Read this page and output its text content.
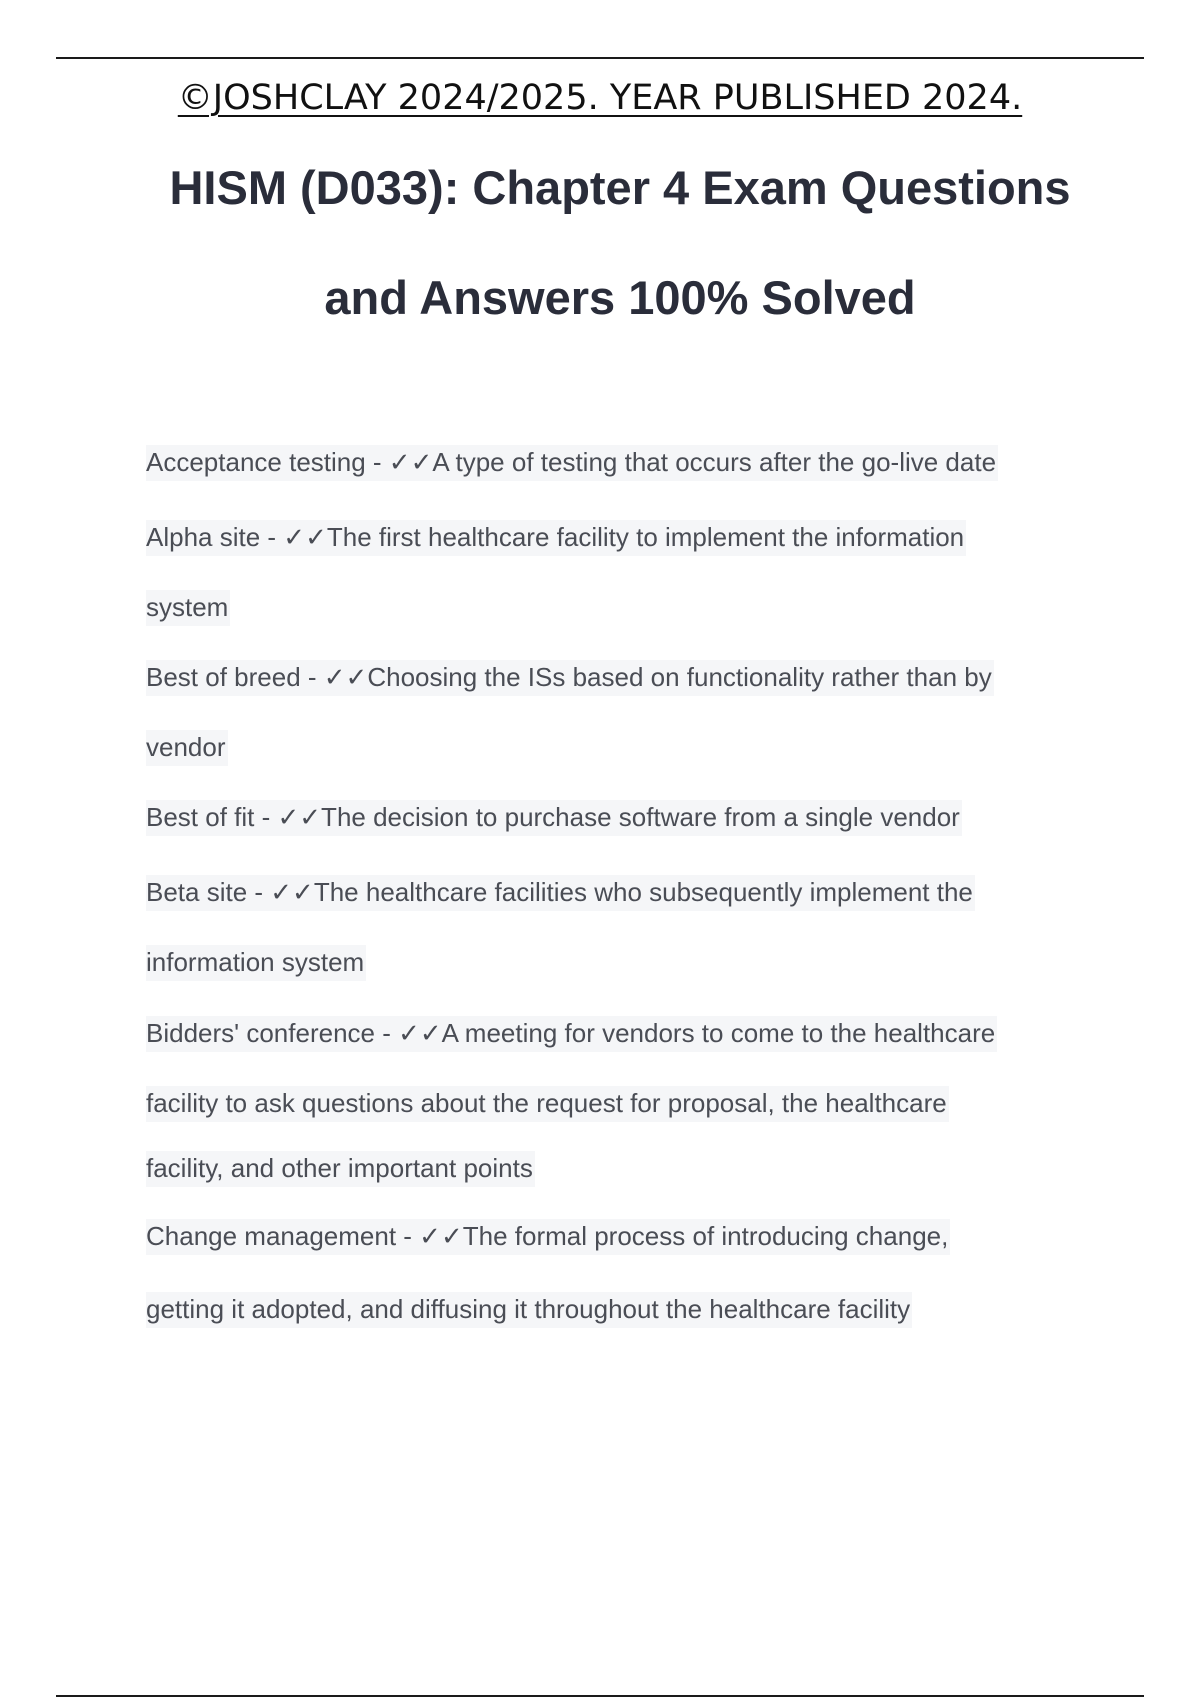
©JOSHCLAY 2024/2025. YEAR PUBLISHED 2024.
HISM (D033): Chapter 4 Exam Questions
and Answers 100% Solved
Acceptance testing - ✓✓A type of testing that occurs after the go-live date
Alpha site - ✓✓The first healthcare facility to implement the information
system
Best of breed - ✓✓Choosing the ISs based on functionality rather than by
vendor
Best of fit - ✓✓The decision to purchase software from a single vendor
Beta site - ✓✓The healthcare facilities who subsequently implement the
information system
Bidders' conference - ✓✓A meeting for vendors to come to the healthcare
facility to ask questions about the request for proposal, the healthcare
facility, and other important points
Change management - ✓✓The formal process of introducing change,
getting it adopted, and diffusing it throughout the healthcare facility
